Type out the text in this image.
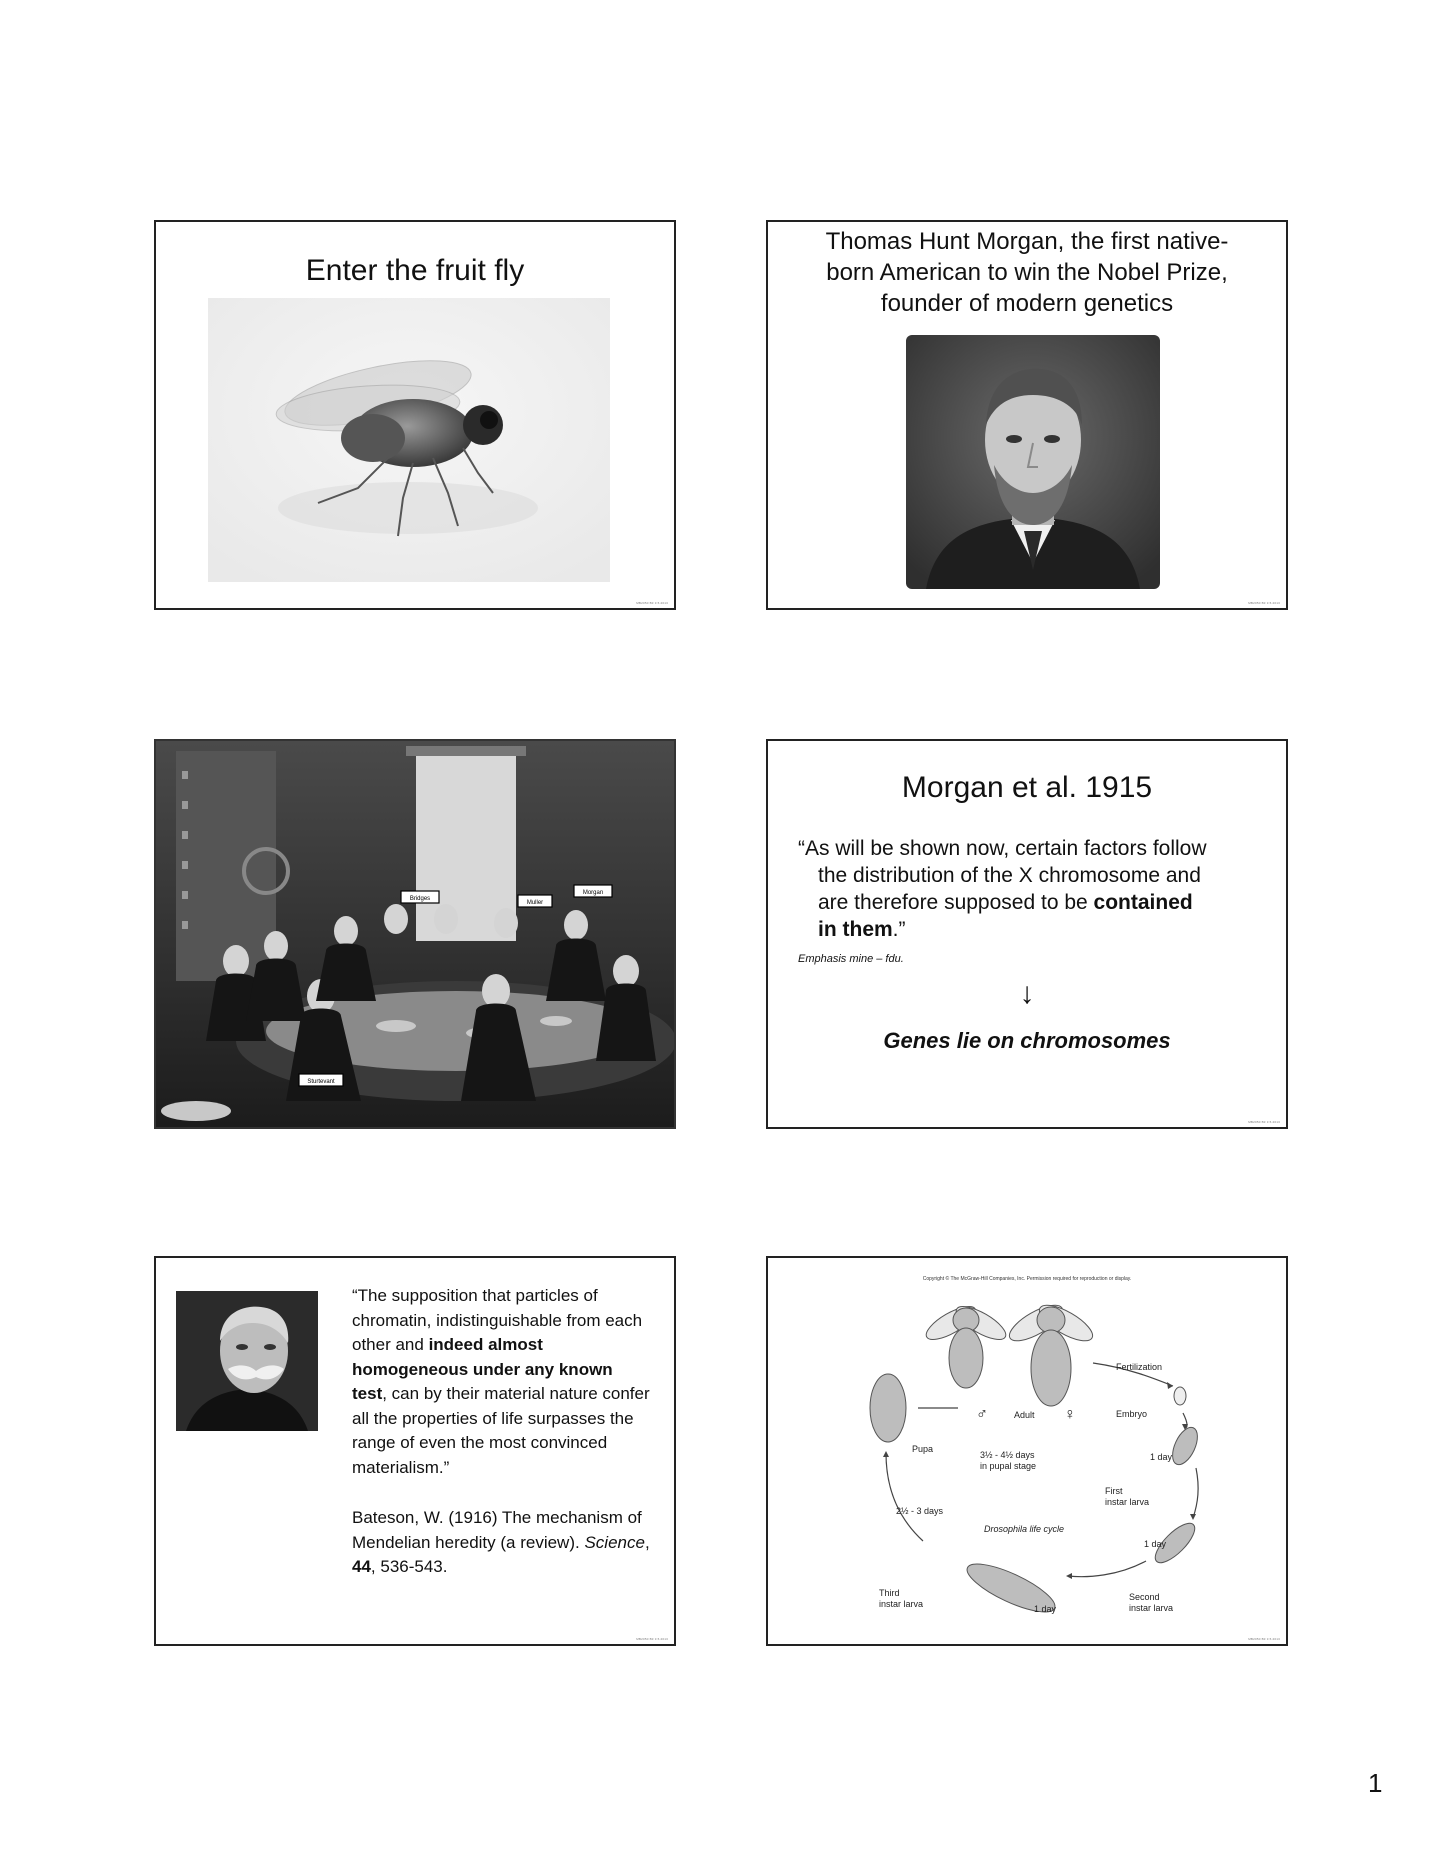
Enter the fruit fly
MB2050 B3 3.5.2013
Thomas Hunt Morgan, the first native-
born American to win the Nobel Prize,
founder of modern genetics
MB2050 B3 3.5.2013
Bridges
Muller
Morgan
Sturtevant
Morgan et al. 1915
“As will be shown now, certain factors follow
the distribution of the X chromosome and
are therefore supposed to be contained
in them.”
Emphasis mine – fdu.
↓
Genes lie on chromosomes
MB2050 B3 3.5.2013
“The supposition that particles of chromatin, indistinguishable from each other and indeed almost homogeneous under any known test, can by their material nature confer all the properties of life surpasses the range of even the most convinced materialism.”
Bateson, W. (1916) The mechanism of Mendelian heredity (a review). Science, 44, 536-543.
MB2050 B3 3.5.2013
Copyright © The McGraw-Hill Companies, Inc. Permission required for reproduction or display.
♂	Adult ♀
Fertilization
Embryo
1 day
First
instar larva
1 day
Second
instar larva
1 day
Third
instar larva
2½ - 3 days
Pupa
3½ - 4½ days
in pupal stage
Drosophila life cycle
MB2050 B3 3.5.2013
1
